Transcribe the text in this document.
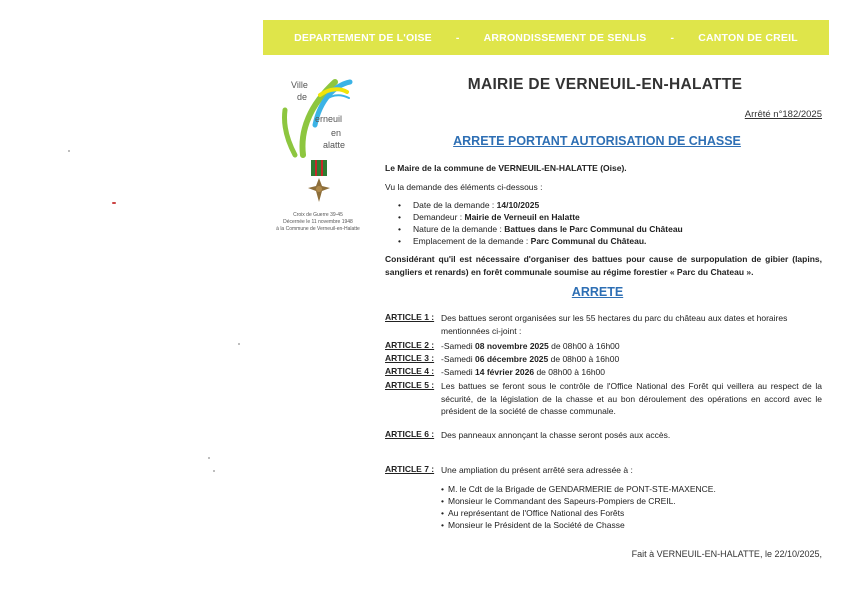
DEPARTEMENT DE L'OISE - ARRONDISSEMENT DE SENLIS - CANTON DE CREIL
Ville
de
erneuil
en
alatte
Croix de Guerre 39-45
Décernée le 11 novembre 1948
à la Commune de Verneuil-en-Halatte
MAIRIE DE VERNEUIL-EN-HALATTE
Arrêté n°182/2025
ARRETE PORTANT AUTORISATION DE CHASSE
Le Maire de la commune de VERNEUIL-EN-HALATTE (Oise).
Vu la demande des éléments ci-dessous :
• Date de la demande : 14/10/2025
• Demandeur : Mairie de Verneuil en Halatte
• Nature de la demande : Battues dans le Parc Communal du Château
• Emplacement de la demande : Parc Communal du Château.
Considérant qu'il est nécessaire d'organiser des battues pour cause de surpopulation de gibier (lapins, sangliers et renards) en forêt communale soumise au régime forestier « Parc du Chateau ».
ARRETE
ARTICLE 1 : Des battues seront organisées sur les 55 hectares du parc du château aux dates et horaires mentionnées ci-joint :
ARTICLE 2 : -Samedi 08 novembre 2025 de 08h00 à 16h00
ARTICLE 3 : -Samedi 06 décembre 2025 de 08h00 à 16h00
ARTICLE 4 : -Samedi 14 février 2026 de 08h00 à 16h00
ARTICLE 5 : Les battues se feront sous le contrôle de l'Office National des Forêt qui veillera au respect de la sécurité, de la législation de la chasse et au bon déroulement des opérations en accord avec le président de la société de chasse communale.
ARTICLE 6 : Des panneaux annonçant la chasse seront posés aux accès.
ARTICLE 7 : Une ampliation du présent arrêté sera adressée à :
• M. le Cdt de la Brigade de GENDARMERIE de PONT-STE-MAXENCE.
• Monsieur le Commandant des Sapeurs-Pompiers de CREIL.
• Au représentant de l'Office National des Forêts
• Monsieur le Président de la Société de Chasse
Fait à VERNEUIL-EN-HALATTE, le 22/10/2025,
